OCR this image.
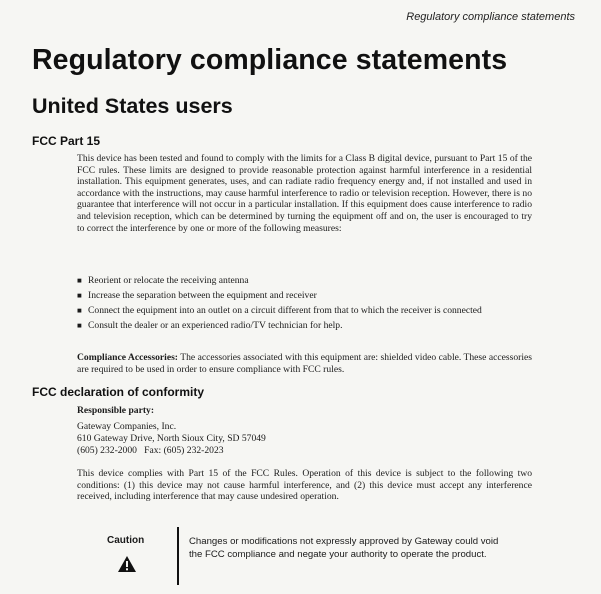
Regulatory compliance statements
Regulatory compliance statements
United States users
FCC Part 15

This device has been tested and found to comply with the limits for a Class B digital device, pursuant to Part 15 of the FCC rules. These limits are designed to provide reasonable protection against harmful interference in a residential installation. This equipment generates, uses, and can radiate radio frequency energy and, if not installed and used in accordance with the instructions, may cause harmful interference to radio or television reception. However, there is no guarantee that interference will not occur in a particular installation. If this equipment does cause interference to radio and television reception, which can be determined by turning the equipment off and on, the user is encouraged to try to correct the interference by one or more of the following measures:

■ Reorient or relocate the receiving antenna
■ Increase the separation between the equipment and receiver
■ Connect the equipment into an outlet on a circuit different from that to which the receiver is connected
■ Consult the dealer or an experienced radio/TV technician for help.

Compliance Accessories: The accessories associated with this equipment are: shielded video cable. These accessories are required to be used in order to ensure compliance with FCC rules.

FCC declaration of conformity
Responsible party:
Gateway Companies, Inc.
610 Gateway Drive, North Sioux City, SD 57049
(605) 232-2000   Fax: (605) 232-2023

This device complies with Part 15 of the FCC Rules. Operation of this device is subject to the following two conditions: (1) this device may not cause harmful interference, and (2) this device must accept any interference received, including interference that may cause undesired operation.

Caution	Changes or modifications not expressly approved by Gateway could void the FCC compliance and negate your authority to operate the product.
